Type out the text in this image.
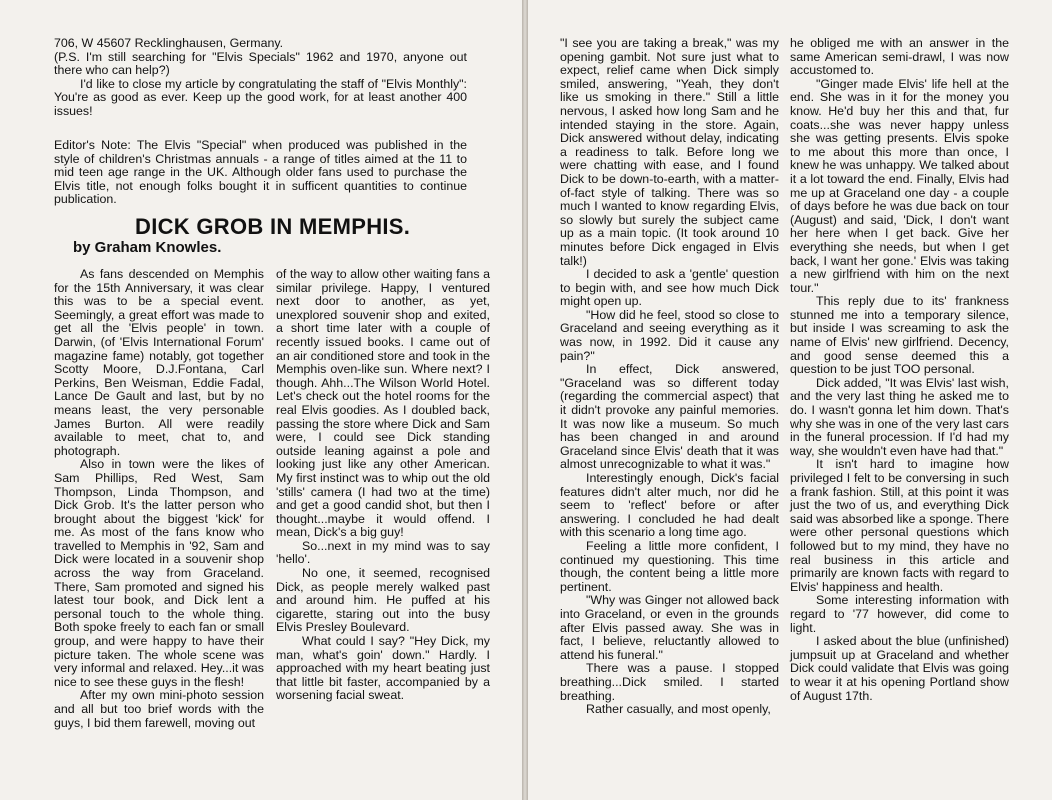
706, W 45607 Recklinghausen, Germany.

(P.S. I'm still searching for "Elvis Specials" 1962 and 1970, anyone out there who can help?)

I'd like to close my article by congratulating the staff of "Elvis Monthly": You're as good as ever. Keep up the good work, for at least another 400 issues!

Editor's Note: The Elvis "Special" when produced was published in the style of children's Christmas annuals - a range of titles aimed at the 11 to mid teen age range in the UK. Although older fans used to purchase the Elvis title, not enough folks bought it in sufficent quantities to continue publication.

DICK GROB IN MEMPHIS.

by Graham Knowles.

As fans descended on Memphis for the 15th Anniversary, it was clear this was to be a special event. Seemingly, a great effort was made to get all the 'Elvis people' in town. Darwin, (of 'Elvis International Forum' magazine fame) notably, got together Scotty Moore, D.J.Fontana, Carl Perkins, Ben Weisman, Eddie Fadal, Lance De Gault and last, but by no means least, the very personable James Burton. All were readily available to meet, chat to, and photograph.

Also in town were the likes of Sam Phillips, Red West, Sam Thompson, Linda Thompson, and Dick Grob. It's the latter person who brought about the biggest 'kick' for me. As most of the fans know who travelled to Memphis in '92, Sam and Dick were located in a souvenir shop across the way from Graceland. There, Sam promoted and signed his latest tour book, and Dick lent a personal touch to the whole thing. Both spoke freely to each fan or small group, and were happy to have their picture taken. The whole scene was very informal and relaxed. Hey...it was nice to see these guys in the flesh!

After my own mini-photo session and all but too brief words with the guys, I bid them farewell, moving out

of the way to allow other waiting fans a similar privilege. Happy, I ventured next door to another, as yet, unexplored souvenir shop and exited, a short time later with a couple of recently issued books. I came out of an air conditioned store and took in the Memphis oven-like sun. Where next? I though. Ahh...The Wilson World Hotel. Let's check out the hotel rooms for the real Elvis goodies. As I doubled back, passing the store where Dick and Sam were, I could see Dick standing outside leaning against a pole and looking just like any other American. My first instinct was to whip out the old 'stills' camera (I had two at the time) and get a good candid shot, but then I thought...maybe it would offend. I mean, Dick's a big guy!

So...next in my mind was to say 'hello'.

No one, it seemed, recognised Dick, as people merely walked past and around him. He puffed at his cigarette, staring out into the busy Elvis Presley Boulevard.

What could I say? "Hey Dick, my man, what's goin' down." Hardly. I approached with my heart beating just that little bit faster, accompanied by a worsening facial sweat.

"I see you are taking a break," was my opening gambit. Not sure just what to expect, relief came when Dick simply smiled, answering, "Yeah, they don't like us smoking in there." Still a little nervous, I asked how long Sam and he intended staying in the store. Again, Dick answered without delay, indicating a readiness to talk. Before long we were chatting with ease, and I found Dick to be down-to-earth, with a matter-of-fact style of talking. There was so much I wanted to know regarding Elvis, so slowly but surely the subject came up as a main topic. (It took around 10 minutes before Dick engaged in Elvis talk!)

I decided to ask a 'gentle' question to begin with, and see how much Dick might open up.

"How did he feel, stood so close to Graceland and seeing everything as it was now, in 1992. Did it cause any pain?"

In effect, Dick answered, "Graceland was so different today (regarding the commercial aspect) that it didn't provoke any painful memories. It was now like a museum. So much has been changed in and around Graceland since Elvis' death that it was almost unrecognizable to what it was."

Interestingly enough, Dick's facial features didn't alter much, nor did he seem to 'reflect' before or after answering. I concluded he had dealt with this scenario a long time ago.

Feeling a little more confident, I continued my questioning. This time though, the content being a little more pertinent.

"Why was Ginger not allowed back into Graceland, or even in the grounds after Elvis passed away. She was in fact, I believe, reluctantly allowed to attend his funeral."

There was a pause. I stopped breathing...Dick smiled. I started breathing.

Rather casually, and most openly,

he obliged me with an answer in the same American semi-drawl, I was now accustomed to.

"Ginger made Elvis' life hell at the end. She was in it for the money you know. He'd buy her this and that, fur coats...she was never happy unless she was getting presents. Elvis spoke to me about this more than once, I knew he was unhappy. We talked about it a lot toward the end. Finally, Elvis had me up at Graceland one day - a couple of days before he was due back on tour (August) and said, 'Dick, I don't want her here when I get back. Give her everything she needs, but when I get back, I want her gone.' Elvis was taking a new girlfriend with him on the next tour."

This reply due to its' frankness stunned me into a temporary silence, but inside I was screaming to ask the name of Elvis' new girlfriend. Decency, and good sense deemed this a question to be just TOO personal.

Dick added, "It was Elvis' last wish, and the very last thing he asked me to do. I wasn't gonna let him down. That's why she was in one of the very last cars in the funeral procession. If I'd had my way, she wouldn't even have had that."

It isn't hard to imagine how privileged I felt to be conversing in such a frank fashion. Still, at this point it was just the two of us, and everything Dick said was absorbed like a sponge. There were other personal questions which followed but to my mind, they have no real business in this article and primarily are known facts with regard to Elvis' happiness and health.

Some interesting information with regard to '77 however, did come to light.

I asked about the blue (unfinished) jumpsuit up at Graceland and whether Dick could validate that Elvis was going to wear it at his opening Portland show of August 17th.
